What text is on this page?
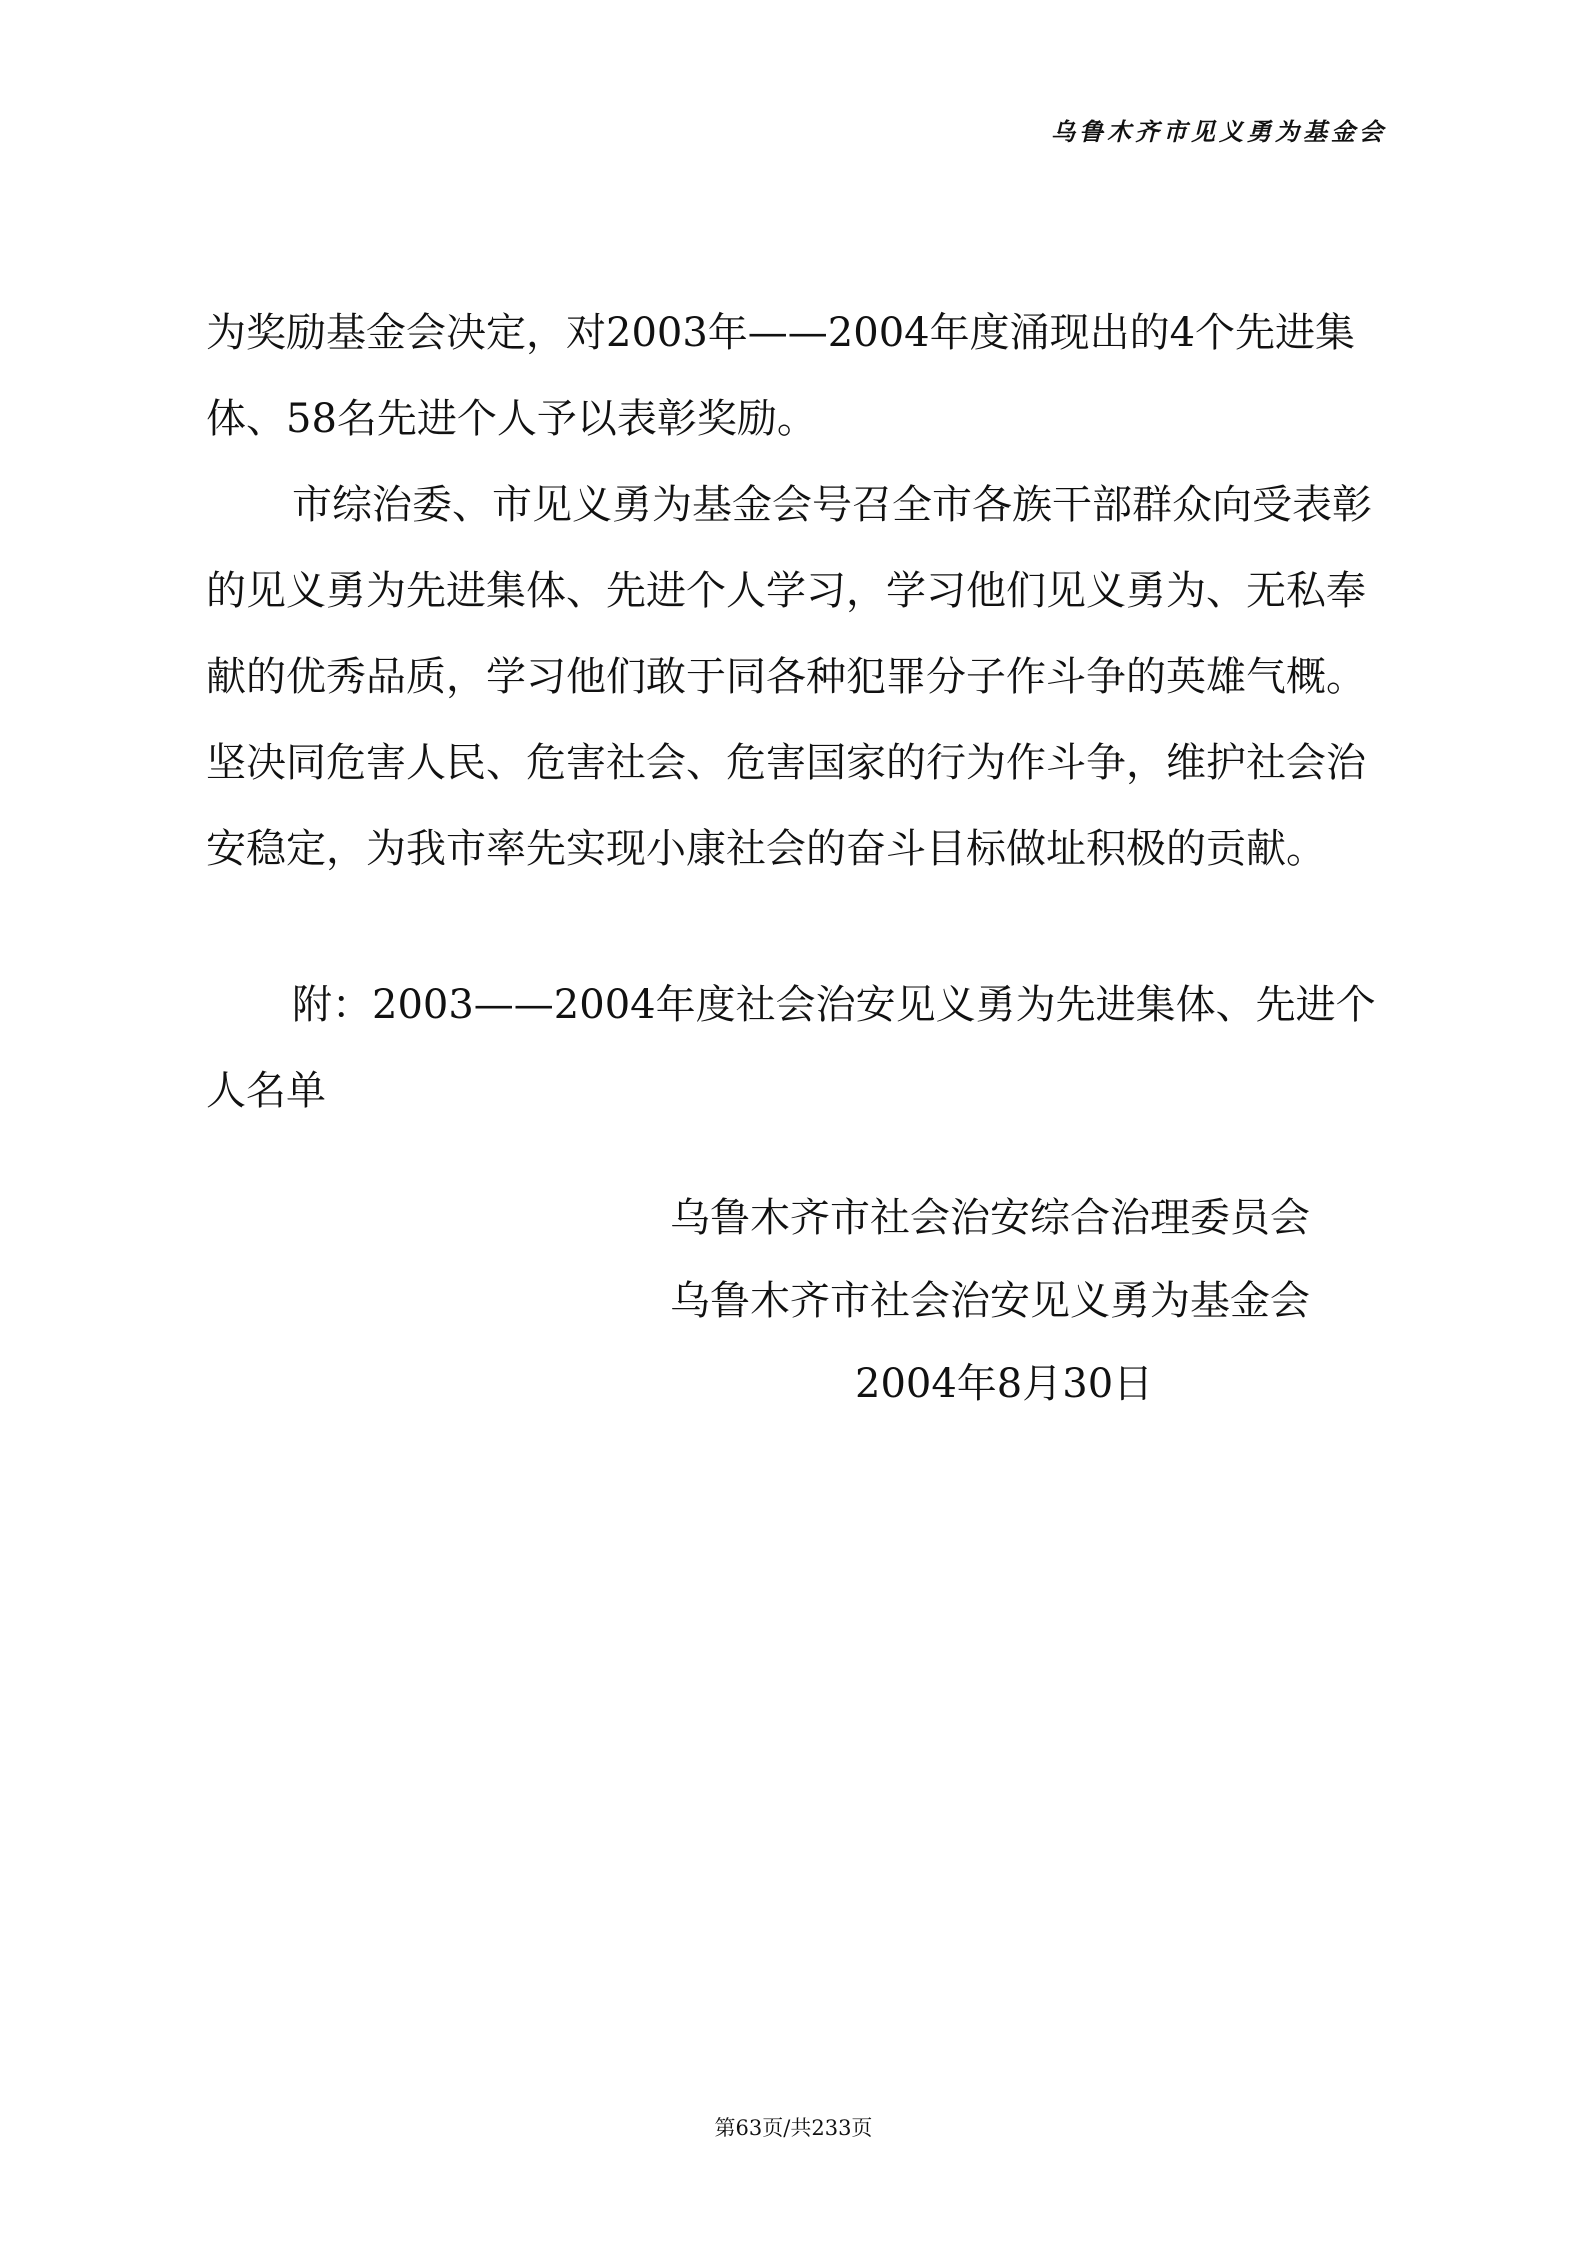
乌鲁木齐市见义勇为基金会

为奖励基金会决定，对2003年——2004年度涌现出的4个先进集体、58名先进个人予以表彰奖励。

市综治委、市见义勇为基金会号召全市各族干部群众向受表彰的见义勇为先进集体、先进个人学习，学习他们见义勇为、无私奉献的优秀品质，学习他们敢于同各种犯罪分子作斗争的英雄气概。坚决同危害人民、危害社会、危害国家的行为作斗争，维护社会治安稳定，为我市率先实现小康社会的奋斗目标做址积极的贡献。

附：2003——2004年度社会治安见义勇为先进集体、先进个人名单

乌鲁木齐市社会治安综合治理委员会
乌鲁木齐市社会治安见义勇为基金会
2004年8月30日
第63页/共233页
